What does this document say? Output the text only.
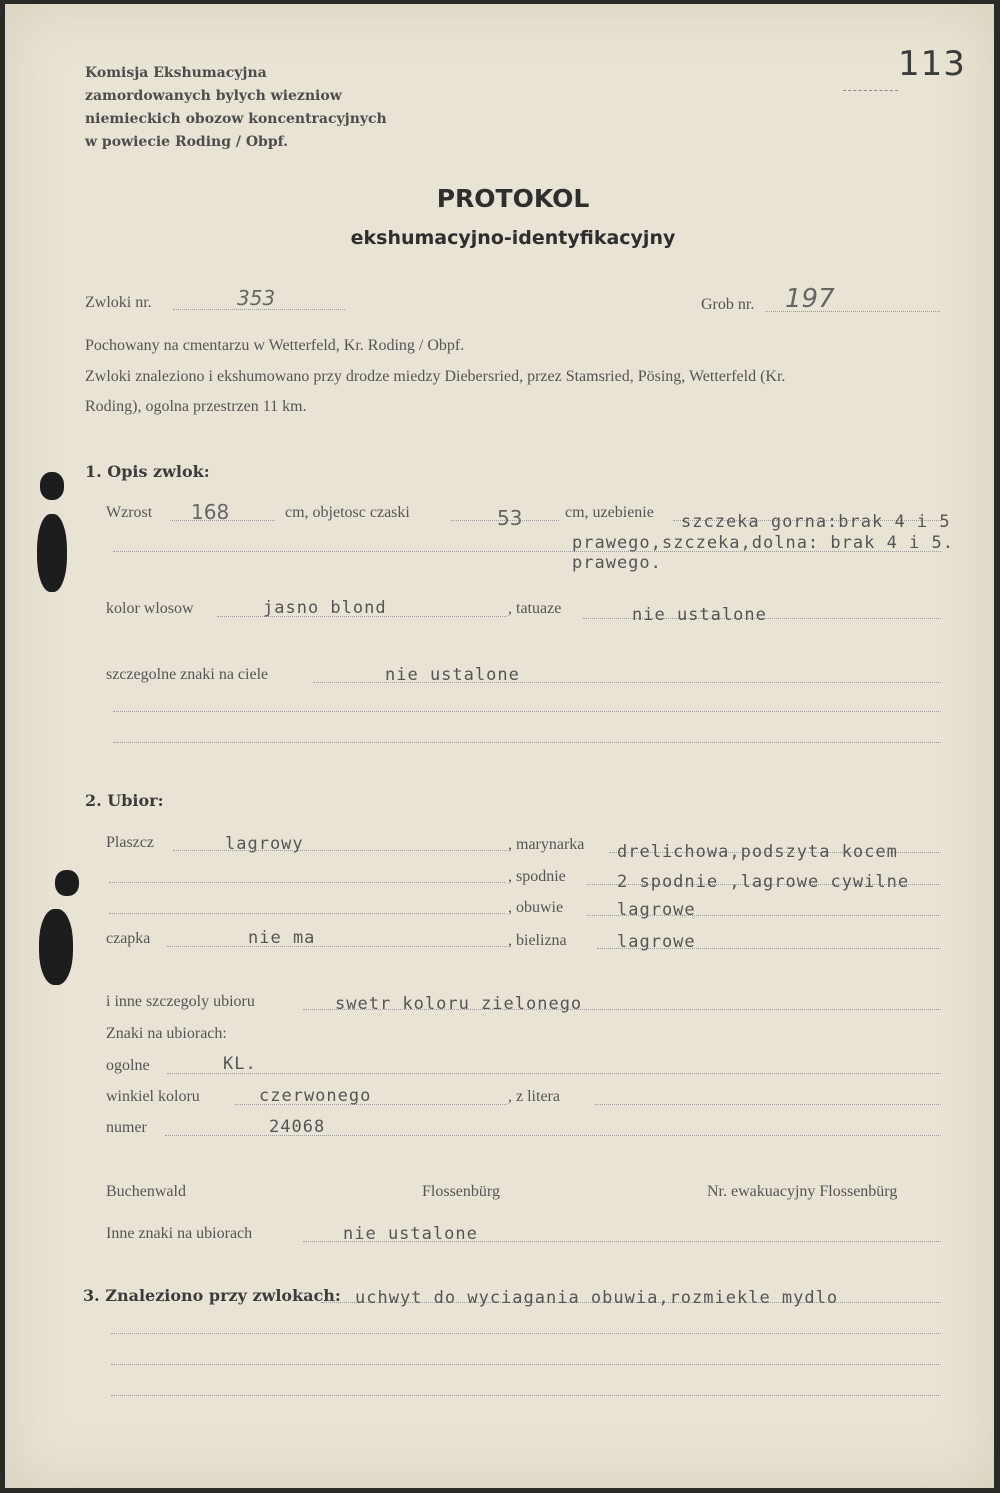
Komisja Ekshumacyjna
zamordowanych bylych wiezniow
niemieckich obozow koncentracyjnych
w powiecie Roding / Obpf.
113
PROTOKOL
ekshumacyjno-identyfikacyjny
Zwloki nr.	353	Grob nr. 197
Pochowany na cmentarzu w Wetterfeld, Kr. Roding / Obpf.
Zwloki znaleziono i ekshumowano przy drodze miedzy Diebersried, przez Stamsried, Pösing, Wetterfeld (Kr.
Roding), ogolna przestrzen 11 km.
1. Opis zwlok:
Wzrost 168	cm, objetosc czaski	53	cm, uzebienie szczeka gorna:brak 4 i 5
prawego,szczeka,dolna: brak 4 i 5.
prawego.
kolor wlosow	jasno blond	, tatuaze	nie ustalone
szczegolne znaki na ciele	nie ustalone
2. Ubior:
Plaszcz	lagrowy	, marynarka drelichowa,podszyta kocem
, spodnie	2 spodnie ,lagrowe cywilne
, obuwie	lagrowe
czapka	nie ma	, bielizna	lagrowe
i inne szczegoly ubioru	swetr koloru zielonego
Znaki na ubiorach:
ogolne	KL.
winkiel koloru	czerwonego	, z litera
numer	24068
Buchenwald	Flossenbürg	Nr. ewakuacyjny Flossenbürg
Inne znaki na ubiorach	nie ustalone
3. Znaleziono przy zwlokach: uchwyt do wyciagania obuwia,rozmiekle mydlo
